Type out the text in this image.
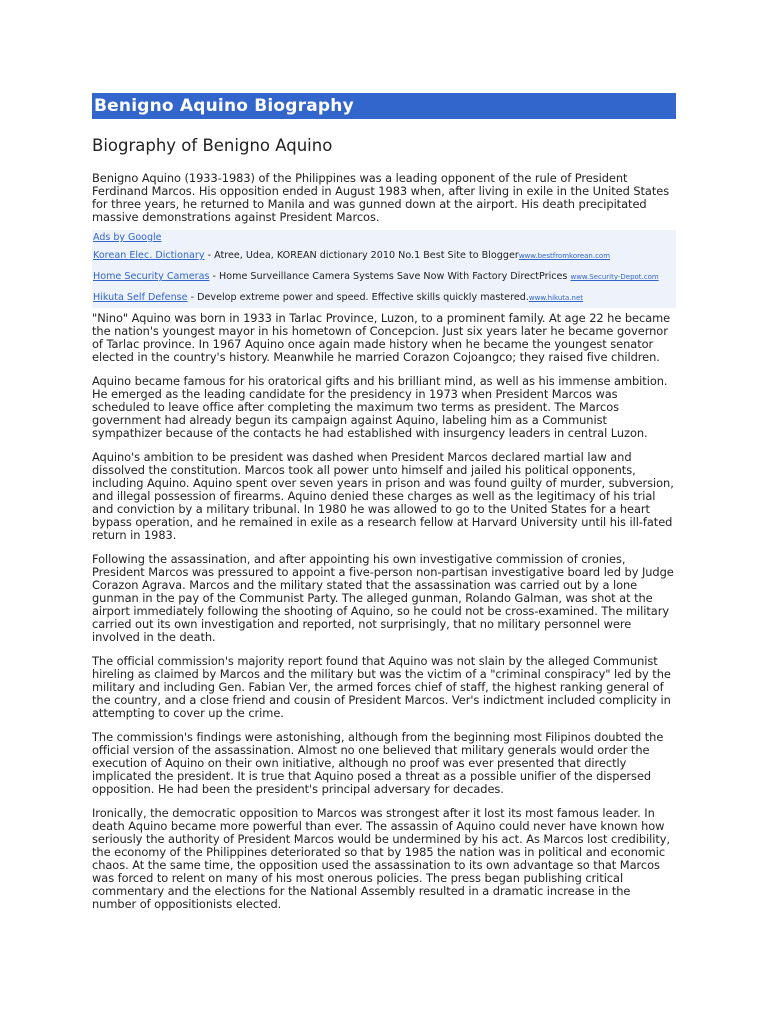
Benigno Aquino Biography
Biography of Benigno Aquino

Benigno Aquino (1933-1983) of the Philippines was a leading opponent of the rule of President Ferdinand Marcos. His opposition ended in August 1983 when, after living in exile in the United States for three years, he returned to Manila and was gunned down at the airport. His death precipitated massive demonstrations against President Marcos.

Ads by Google
Korean Elec. Dictionary - Atree, Udea, KOREAN dictionary 2010 No.1 Best Site to Bloggerwww.bestfromkorean.com
Home Security Cameras - Home Surveillance Camera Systems Save Now With Factory DirectPrices www.Security-Depot.com
Hikuta Self Defense - Develop extreme power and speed. Effective skills quickly mastered.www.hikuta.net

"Nino" Aquino was born in 1933 in Tarlac Province, Luzon, to a prominent family. At age 22 he became the nation's youngest mayor in his hometown of Concepcion. Just six years later he became governor of Tarlac province. In 1967 Aquino once again made history when he became the youngest senator elected in the country's history. Meanwhile he married Corazon Cojoangco; they raised five children.

Aquino became famous for his oratorical gifts and his brilliant mind, as well as his immense ambition. He emerged as the leading candidate for the presidency in 1973 when President Marcos was scheduled to leave office after completing the maximum two terms as president. The Marcos government had already begun its campaign against Aquino, labeling him as a Communist sympathizer because of the contacts he had established with insurgency leaders in central Luzon.

Aquino's ambition to be president was dashed when President Marcos declared martial law and dissolved the constitution. Marcos took all power unto himself and jailed his political opponents, including Aquino. Aquino spent over seven years in prison and was found guilty of murder, subversion, and illegal possession of firearms. Aquino denied these charges as well as the legitimacy of his trial and conviction by a military tribunal. In 1980 he was allowed to go to the United States for a heart bypass operation, and he remained in exile as a research fellow at Harvard University until his ill-fated return in 1983.

Following the assassination, and after appointing his own investigative commission of cronies, President Marcos was pressured to appoint a five-person non-partisan investigative board led by Judge Corazon Agrava. Marcos and the military stated that the assassination was carried out by a lone gunman in the pay of the Communist Party. The alleged gunman, Rolando Galman, was shot at the airport immediately following the shooting of Aquino, so he could not be cross-examined. The military carried out its own investigation and reported, not surprisingly, that no military personnel were involved in the death.

The official commission's majority report found that Aquino was not slain by the alleged Communist hireling as claimed by Marcos and the military but was the victim of a "criminal conspiracy" led by the military and including Gen. Fabian Ver, the armed forces chief of staff, the highest ranking general of the country, and a close friend and cousin of President Marcos. Ver's indictment included complicity in attempting to cover up the crime.

The commission's findings were astonishing, although from the beginning most Filipinos doubted the official version of the assassination. Almost no one believed that military generals would order the execution of Aquino on their own initiative, although no proof was ever presented that directly implicated the president. It is true that Aquino posed a threat as a possible unifier of the dispersed opposition. He had been the president's principal adversary for decades.

Ironically, the democratic opposition to Marcos was strongest after it lost its most famous leader. In death Aquino became more powerful than ever. The assassin of Aquino could never have known how seriously the authority of President Marcos would be undermined by his act. As Marcos lost credibility, the economy of the Philippines deteriorated so that by 1985 the nation was in political and economic chaos. At the same time, the opposition used the assassination to its own advantage so that Marcos was forced to relent on many of his most onerous policies. The press began publishing critical commentary and the elections for the National Assembly resulted in a dramatic increase in the number of oppositionists elected.
